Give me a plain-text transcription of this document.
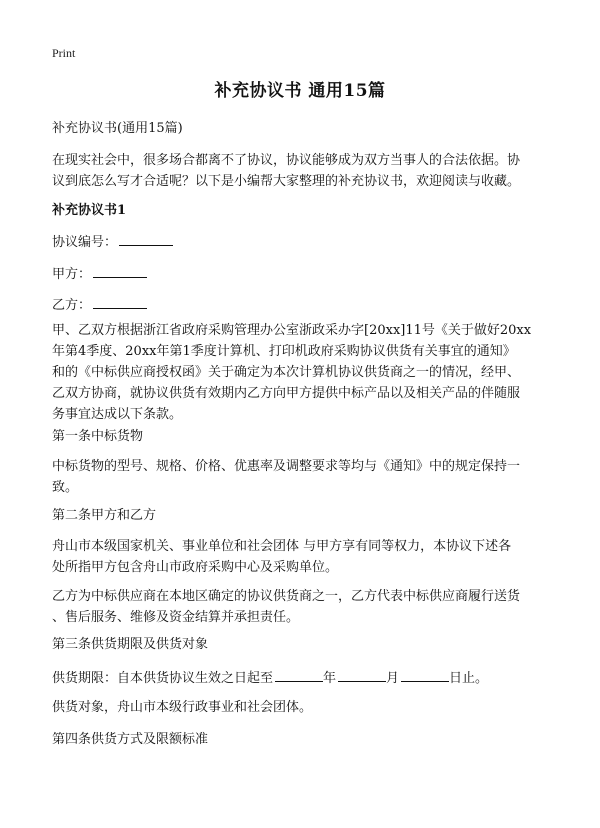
Print
补充协议书 通用15篇
补充协议书(通用15篇)
在现实社会中，很多场合都离不了协议，协议能够成为双方当事人的合法依据。协
议到底怎么写才合适呢？以下是小编帮大家整理的补充协议书，欢迎阅读与收藏。
补充协议书1
协议编号：
甲方：
乙方：
甲、乙双方根据浙江省政府采购管理办公室浙政采办字[20xx]11号《关于做好20xx
年第4季度、20xx年第1季度计算机、打印机政府采购协议供货有关事宜的通知》
和的《中标供应商授权函》关于确定为本次计算机协议供货商之一的情况，经甲、
乙双方协商，就协议供货有效期内乙方向甲方提供中标产品以及相关产品的伴随服
务事宜达成以下条款。
第一条中标货物
中标货物的型号、规格、价格、优惠率及调整要求等均与《通知》中的规定保持一
致。
第二条甲方和乙方
舟山市本级国家机关、事业单位和社会团体 与甲方享有同等权力，本协议下述各
处所指甲方包含舟山市政府采购中心及采购单位。
乙方为中标供应商在本地区确定的协议供货商之一，乙方代表中标供应商履行送货
、售后服务、维修及资金结算并承担责任。
第三条供货期限及供货对象
供货期限：自本供货协议生效之日起至	年	月	日止。
供货对象，舟山市本级行政事业和社会团体。
第四条供货方式及限额标准
